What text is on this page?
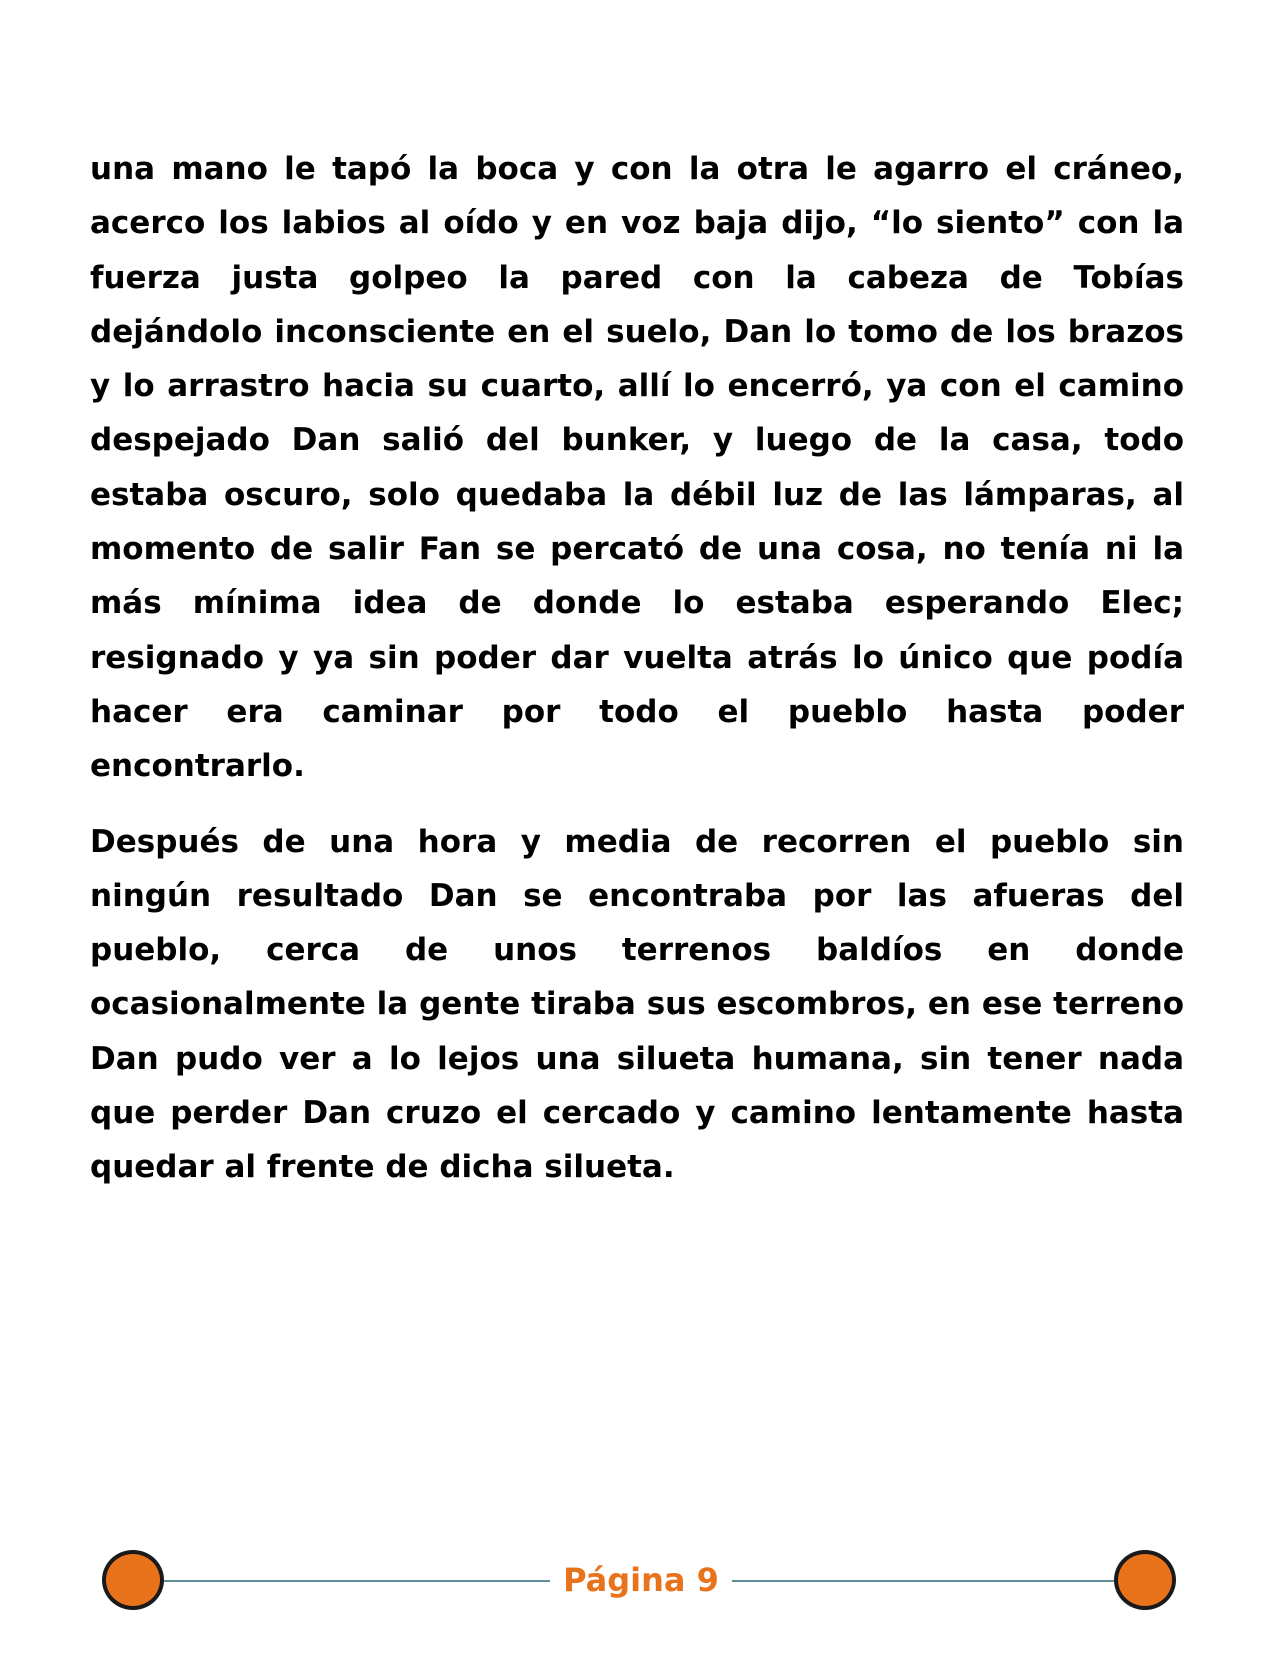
una mano le tapó la boca y con la otra le agarro el cráneo, acerco los labios al oído y en voz baja dijo, “lo siento” con la fuerza justa golpeo la pared con la cabeza de Tobías dejándolo inconsciente en el suelo, Dan lo tomo de los brazos y lo arrastro hacia su cuarto, allí lo encerró, ya con el camino despejado Dan salió del bunker, y luego de la casa, todo estaba oscuro, solo quedaba la débil luz de las lámparas, al momento de salir Fan se percató de una cosa, no tenía ni la más mínima idea de donde lo estaba esperando Elec; resignado y ya sin poder dar vuelta atrás lo único que podía hacer era caminar por todo el pueblo hasta poder encontrarlo.

Después de una hora y media de recorren el pueblo sin ningún resultado Dan se encontraba por las afueras del pueblo, cerca de unos terrenos baldíos en donde ocasionalmente la gente tiraba sus escombros, en ese terreno Dan pudo ver a lo lejos una silueta humana, sin tener nada que perder Dan cruzo el cercado y camino lentamente hasta quedar al frente de dicha silueta.

Página 9
